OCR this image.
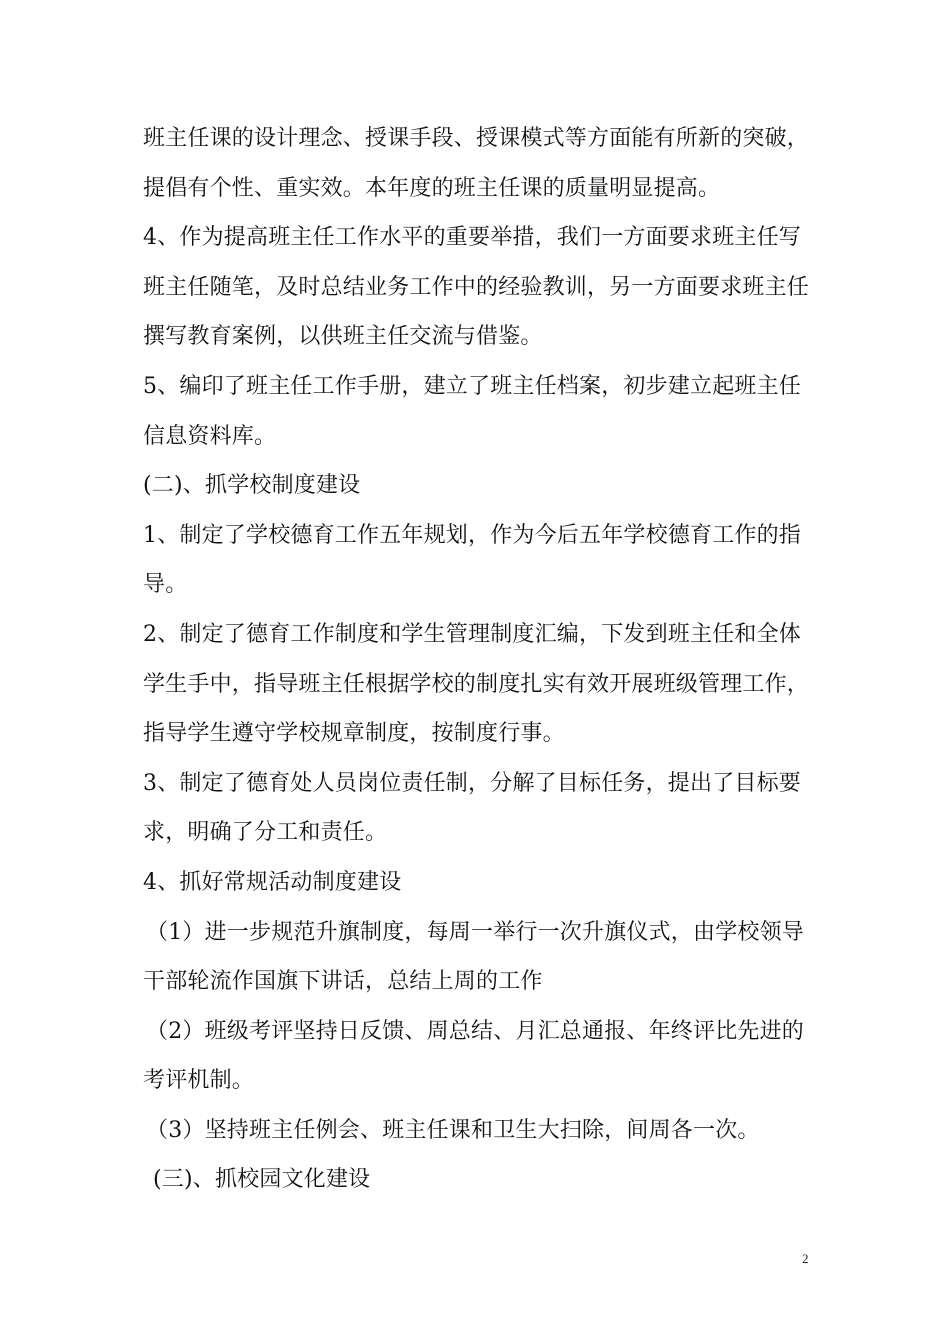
班主任课的设计理念、授课手段、授课模式等方面能有所新的突破，
提倡有个性、重实效。本年度的班主任课的质量明显提高。
4、作为提高班主任工作水平的重要举措，我们一方面要求班主任写
班主任随笔，及时总结业务工作中的经验教训，另一方面要求班主任
撰写教育案例，以供班主任交流与借鉴。
5、编印了班主任工作手册，建立了班主任档案，初步建立起班主任
信息资料库。
(二)、抓学校制度建设
1、制定了学校德育工作五年规划，作为今后五年学校德育工作的指
导。
2、制定了德育工作制度和学生管理制度汇编，下发到班主任和全体
学生手中，指导班主任根据学校的制度扎实有效开展班级管理工作，
指导学生遵守学校规章制度，按制度行事。
3、制定了德育处人员岗位责任制，分解了目标任务，提出了目标要
求，明确了分工和责任。
4、抓好常规活动制度建设
（1）进一步规范升旗制度，每周一举行一次升旗仪式，由学校领导
干部轮流作国旗下讲话，总结上周的工作
（2）班级考评坚持日反馈、周总结、月汇总通报、年终评比先进的
考评机制。
（3）坚持班主任例会、班主任课和卫生大扫除，间周各一次。
(三)、抓校园文化建设
2
